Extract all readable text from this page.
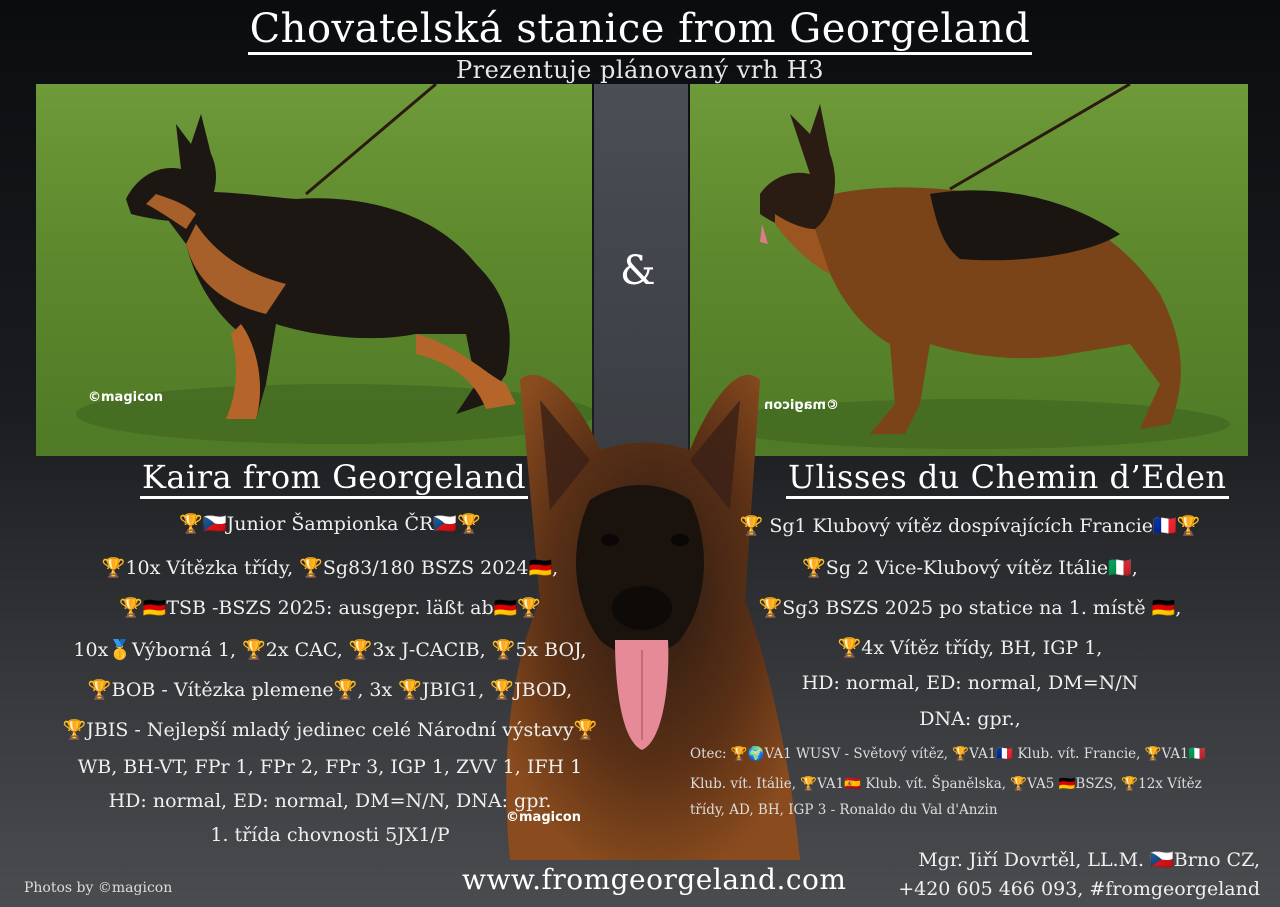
Chovatelská stanice from Georgeland
Prezentuje plánovaný vrh H3
©magicon
&
©magicon
©magicon
Kaira from Georgeland	Ulisses du Chemin d’Eden
🏆🇨🇿Junior Šampionka ČR🇨🇿🏆
🏆10x Vítězka třídy, 🏆Sg83/180 BSZS 2024🇩🇪,
🏆🇩🇪TSB -BSZS 2025: ausgepr. läßt ab🇩🇪🏆
10x🥇Výborná 1, 🏆2x CAC, 🏆3x J-CACIB, 🏆5x BOJ,
🏆BOB - Vítězka plemene🏆, 3x 🏆JBIG1, 🏆JBOD,
🏆JBIS - Nejlepší mladý jedinec celé Národní výstavy🏆
WB, BH-VT, FPr 1, FPr 2, FPr 3, IGP 1, ZVV 1, IFH 1
HD: normal, ED: normal, DM=N/N, DNA: gpr.
1. třída chovnosti 5JX1/P
🏆 Sg1 Klubový vítěz dospívajících Francie🇫🇷🏆
🏆Sg 2 Vice-Klubový vítěz Itálie🇮🇹,
🏆Sg3 BSZS 2025 po statice na 1. místě 🇩🇪,
🏆4x Vítěz třídy, BH, IGP 1,
HD: normal, ED: normal, DM=N/N
DNA: gpr.,
Otec: 🏆🌍VA1 WUSV - Světový vítěz, 🏆VA1🇫🇷 Klub. vít. Francie, 🏆VA1🇮🇹
Klub. vít. Itálie, 🏆VA1🇪🇸 Klub. vít. Španělska, 🏆VA5 🇩🇪BSZS, 🏆12x Vítěz
třídy, AD, BH, IGP 3 - Ronaldo du Val d'Anzin
Photos by ©magicon	www.fromgeorgeland.com
Mgr. Jiří Dovrtěl, LL.M. 🇨🇿Brno CZ,
+420 605 466 093, #fromgeorgeland
